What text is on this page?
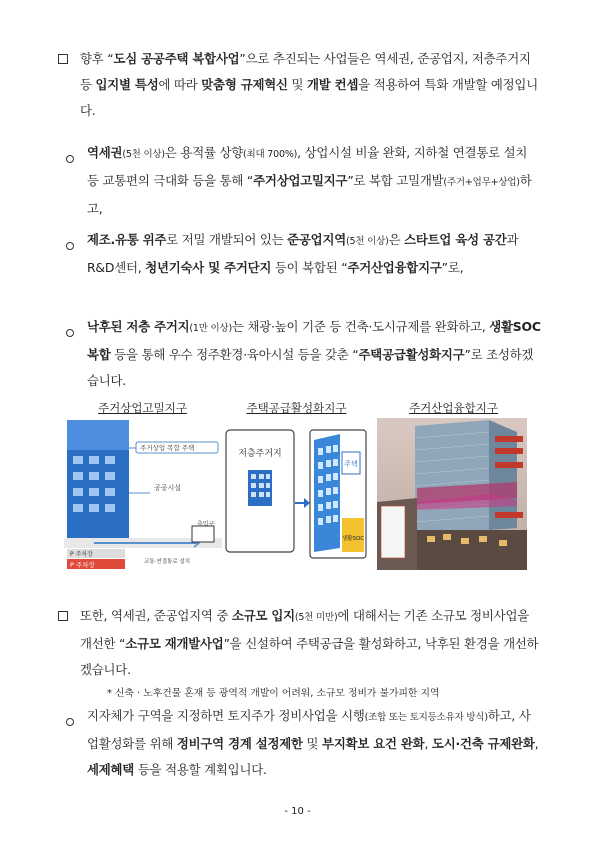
향후 “도심 공공주택 복합사업”으로 추진되는 사업들은 역세권, 준공업지, 저층주거지 등 입지별 특성에 따라 맞춤형 규제혁신 및 개발 컨셉을 적용하여 특화 개발할 예정입니다.
역세권(5천 이상)은 용적률 상향(최대 700%), 상업시설 비율 완화, 지하철 연결통로 설치 등 교통편의 극대화 등을 통해 “주거상업고밀지구”로 복합 고밀개발(주거+업무+상업)하고,
제조.유통 위주로 저밀 개발되어 있는 준공업지역(5천 이상)은 스타트업 육성 공간과 R&D센터, 청년기숙사 및 주거단지 등이 복합된 “주거산업융합지구”로,
낙후된 저층 주거지(1만 이상)는 채광·높이 기준 등 건축·도시규제를 완화하고, 생활SOC 복합 등을 통해 우수 정주환경·육아시설 등을 갖춘 “주택공급활성화지구”로 조성하겠습니다.
주거상업고밀지구	주택공급활성화지구	주거산업융합지구
주거상업 복합 주택
공공시설
출입구
P 주차장
P 주차장	교통·연결통로 설치
저층주거지
주택
생활SOC
또한, 역세권, 준공업지역 중 소규모 입지(5천 미만)에 대해서는 기존 소규모 정비사업을 개선한 “소규모 재개발사업”을 신설하여 주택공급을 활성화하고, 낙후된 환경을 개선하겠습니다.
* 신축 · 노후건물 혼재 등 광역적 개발이 어려워, 소규모 정비가 불가피한 지역
지자체가 구역을 지정하면 토지주가 정비사업을 시행(조합 또는 토지등소유자 방식)하고, 사업활성화를 위해 정비구역 경계 설정제한 및 부지확보 요건 완화, 도시·건축 규제완화, 세제혜택 등을 적용할 계획입니다.
- 10 -
